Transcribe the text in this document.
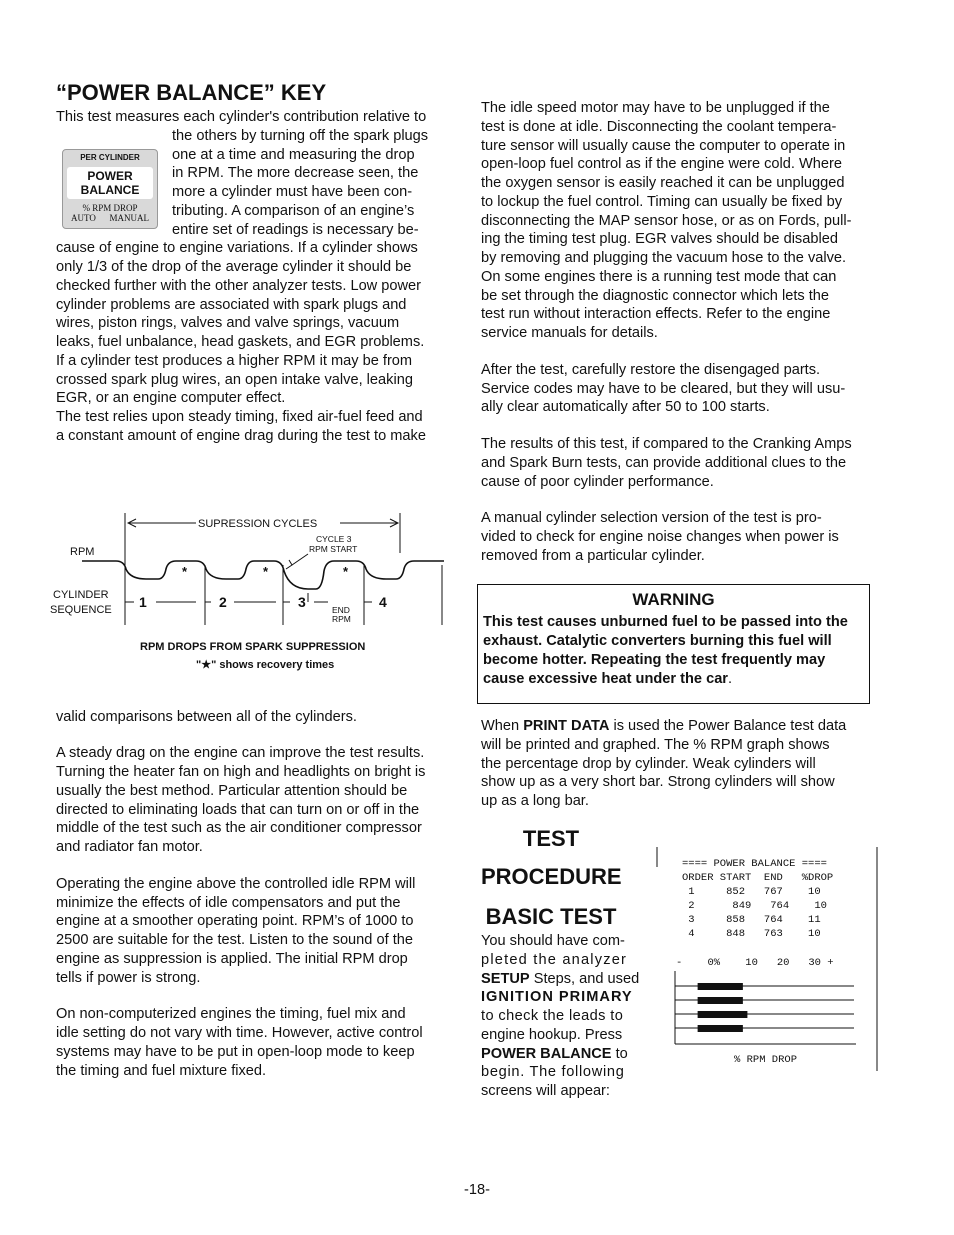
“POWER BALANCE” KEY
This test measures each cylinder's contribution relative to
PER CYLINDER
POWER
BALANCE
% RPM DROP
AUTO MANUAL
the others by turning off the spark plugs
one at a time and measuring the drop
in RPM. The more decrease seen, the
more a cylinder must have been con-
tributing. A comparison of an engine’s
entire set of readings is necessary be-
cause of engine to engine variations. If a cylinder shows
only 1/3 of the drop of the average cylinder it should be
checked further with the other analyzer tests. Low power
cylinder problems are associated with spark plugs and
wires, piston rings, valves and valve springs, vacuum
leaks, fuel unbalance, head gaskets, and EGR problems.
If a cylinder test produces a higher RPM it may be from
crossed spark plug wires, an open intake valve, leaking
EGR, or an engine computer effect.
The test relies upon steady timing, fixed air-fuel feed and
a constant amount of engine drag during the test to make
valid comparisons between all of the cylinders.
A steady drag on the engine can improve the test results.
Turning the heater fan on high and headlights on bright is
usually the best method. Particular attention should be
directed to eliminating loads that can turn on or off in the
middle of the test such as the air conditioner compressor
and radiator fan motor.
Operating the engine above the controlled idle RPM will
minimize the effects of idle compensators and put the
engine at a smoother operating point. RPM’s of 1000 to
2500 are suitable for the test. Listen to the sound of the
engine as suppression is applied. The initial RPM drop
tells if power is strong.
On non-computerized engines the timing, fuel mix and
idle setting do not vary with time. However, active control
systems may have to be put in open-loop mode to keep
the timing and fuel mixture fixed.
SUPRESSION CYCLES
RPM
CYCLE 3
RPM START
CYLINDER
SEQUENCE 1	2	3	4
END
RPM
*	*	*
RPM DROPS FROM SPARK SUPPRESSION
"★" shows recovery times
The idle speed motor may have to be unplugged if the
test is done at idle. Disconnecting the coolant tempera-
ture sensor will usually cause the computer to operate in
open-loop fuel control as if the engine were cold. Where
the oxygen sensor is easily reached it can be unplugged
to lockup the fuel control. Timing can usually be fixed by
disconnecting the MAP sensor hose, or as on Fords, pull-
ing the timing test plug. EGR valves should be disabled
by removing and plugging the vacuum hose to the valve.
On some engines there is a running test mode that can
be set through the diagnostic connector which lets the
test run without interaction effects. Refer to the engine
service manuals for details.
After the test, carefully restore the disengaged parts.
Service codes may have to be cleared, but they will usu-
ally clear automatically after 50 to 100 starts.
The results of this test, if compared to the Cranking Amps
and Spark Burn tests, can provide additional clues to the
cause of poor cylinder performance.
A manual cylinder selection version of the test is pro-
vided to check for engine noise changes when power is
removed from a particular cylinder.
WARNING
This test causes unburned fuel to be passed into the
exhaust. Catalytic converters burning this fuel will
become hotter. Repeating the test frequently may
cause excessive heat under the car.
When PRINT DATA is used the Power Balance test data
will be printed and graphed. The % RPM graph shows
the percentage drop by cylinder. Weak cylinders will
show up as a very short bar. Strong cylinders will show
up as a long bar.
TEST
PROCEDURE
BASIC TEST
You should have com-
pleted the analyzer
SETUP Steps, and used
IGNITION PRIMARY
to check the leads to
engine hookup. Press
POWER BALANCE to
begin. The following
screens will appear:
==== POWER BALANCE ====
ORDER START  END   %DROP
1     852   767    10
2      849   764    10
3     858   764    11
4     848   763    10
-    0%    10   20   30 +
% RPM DROP
-18-
